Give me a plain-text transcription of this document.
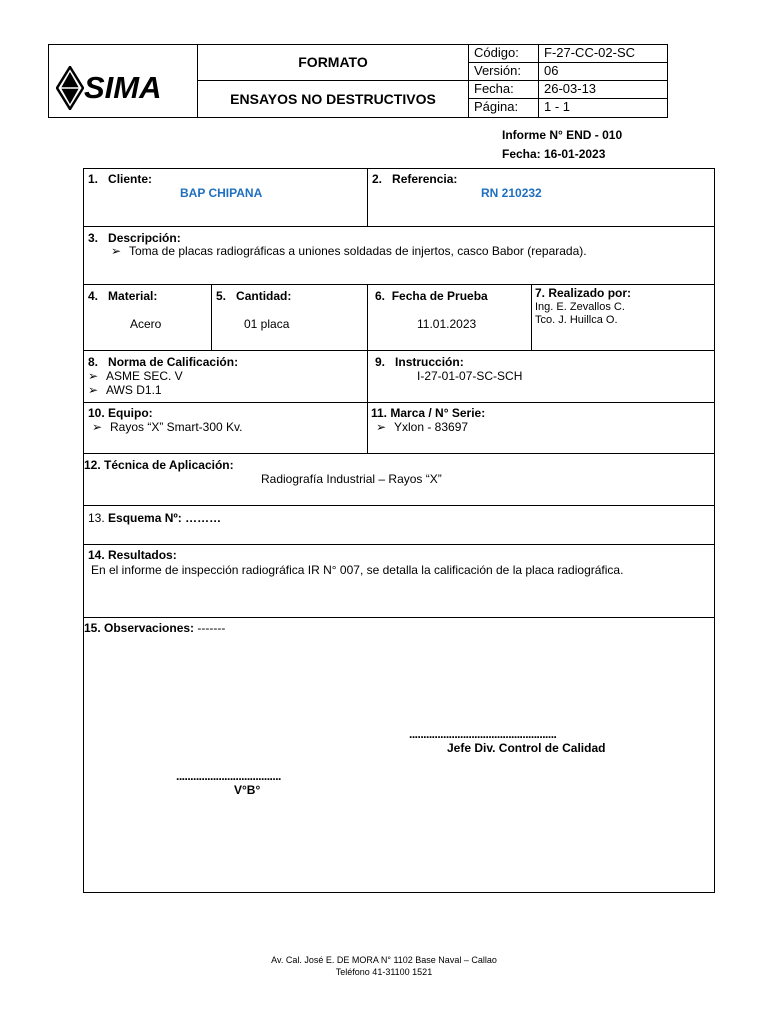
SIMA
FORMATO
ENSAYOS NO DESTRUCTIVOS
Código: F-27-CC-02-SC
Versión: 06
Fecha: 26-03-13
Página: 1 - 1
Informe N° END - 010
Fecha: 16-01-2023
1. Cliente:
BAP CHIPANA
2. Referencia:
RN 210232
3. Descripción:
➢ Toma de placas radiográficas a uniones soldadas de injertos, casco Babor (reparada).
4. Material:
Acero
5. Cantidad:
01 placa
6. Fecha de Prueba
11.01.2023
7. Realizado por:
Ing. E. Zevallos C.
Tco. J. Huillca O.
8. Norma de Calificación:
➢ ASME SEC. V
➢ AWS D1.1
9. Instrucción:
I-27-01-07-SC-SCH
10. Equipo:
➢ Rayos “X” Smart-300 Kv.
11. Marca / N° Serie:
➢ Yxlon - 83697
12. Técnica de Aplicación:
Radiografía Industrial – Rayos “X”
13. Esquema Nº: ………
14. Resultados:
En el informe de inspección radiográfica IR N° 007, se detalla la calificación de la placa radiográfica.
15. Observaciones: -------
....................................................
Jefe Div. Control de Calidad
.....................................
V°B°
Av. Cal. José E. DE MORA N° 1102 Base Naval – Callao
Teléfono 41-31100 1521
